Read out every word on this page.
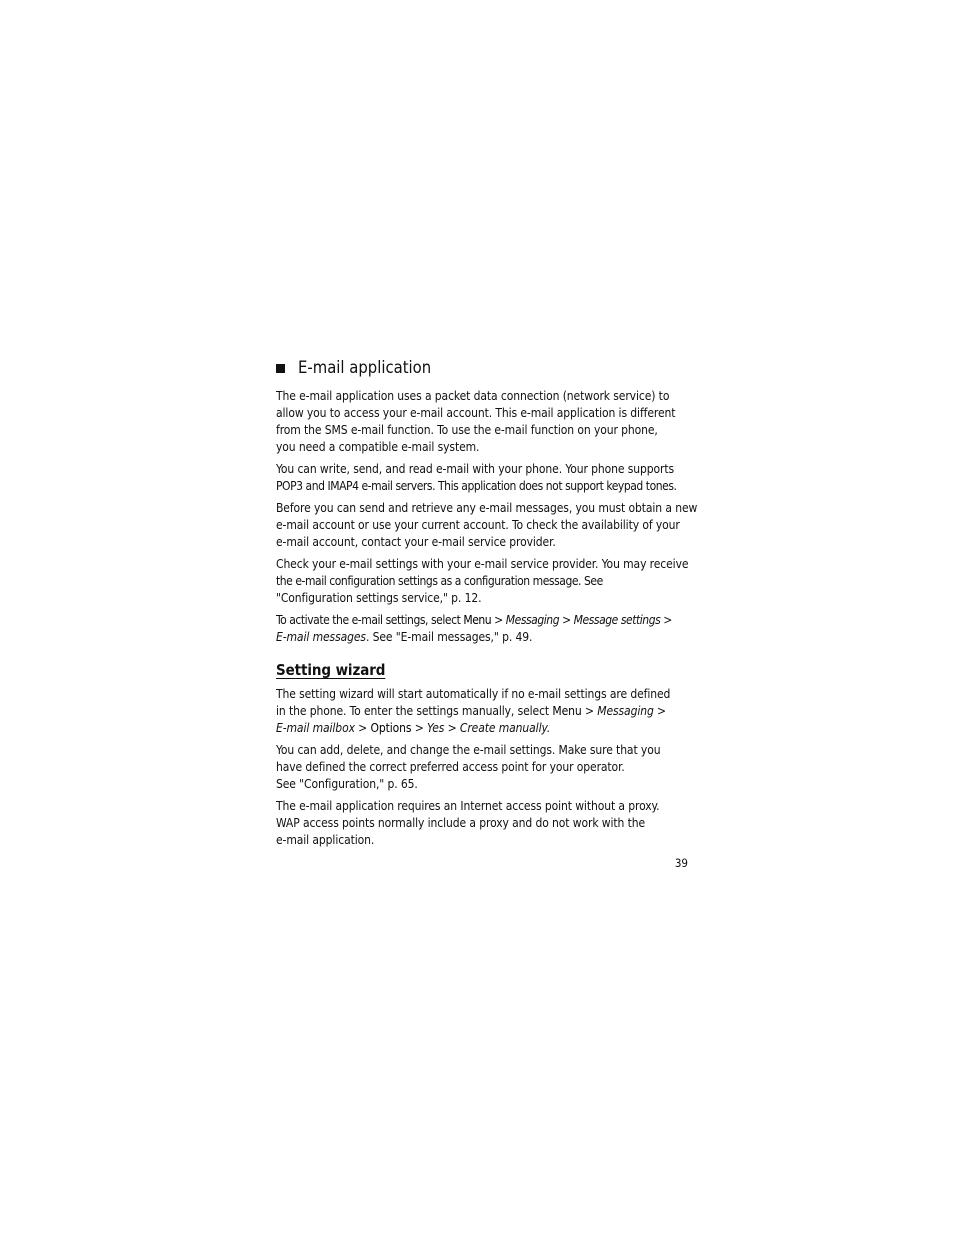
E-mail application

The e-mail application uses a packet data connection (network service) to
allow you to access your e-mail account. This e-mail application is different
from the SMS e-mail function. To use the e-mail function on your phone,
you need a compatible e-mail system.

You can write, send, and read e-mail with your phone. Your phone supports
POP3 and IMAP4 e-mail servers. This application does not support keypad tones.

Before you can send and retrieve any e-mail messages, you must obtain a new
e-mail account or use your current account. To check the availability of your
e-mail account, contact your e-mail service provider.

Check your e-mail settings with your e-mail service provider. You may receive
the e-mail configuration settings as a configuration message. See
"Configuration settings service," p. 12.

To activate the e-mail settings, select Menu > Messaging > Message settings >
E-mail messages. See "E-mail messages," p. 49.

Setting wizard

The setting wizard will start automatically if no e-mail settings are defined
in the phone. To enter the settings manually, select Menu > Messaging >
E-mail mailbox > Options > Yes > Create manually.

You can add, delete, and change the e-mail settings. Make sure that you
have defined the correct preferred access point for your operator.
See "Configuration," p. 65.

The e-mail application requires an Internet access point without a proxy.
WAP access points normally include a proxy and do not work with the
e-mail application.

39
